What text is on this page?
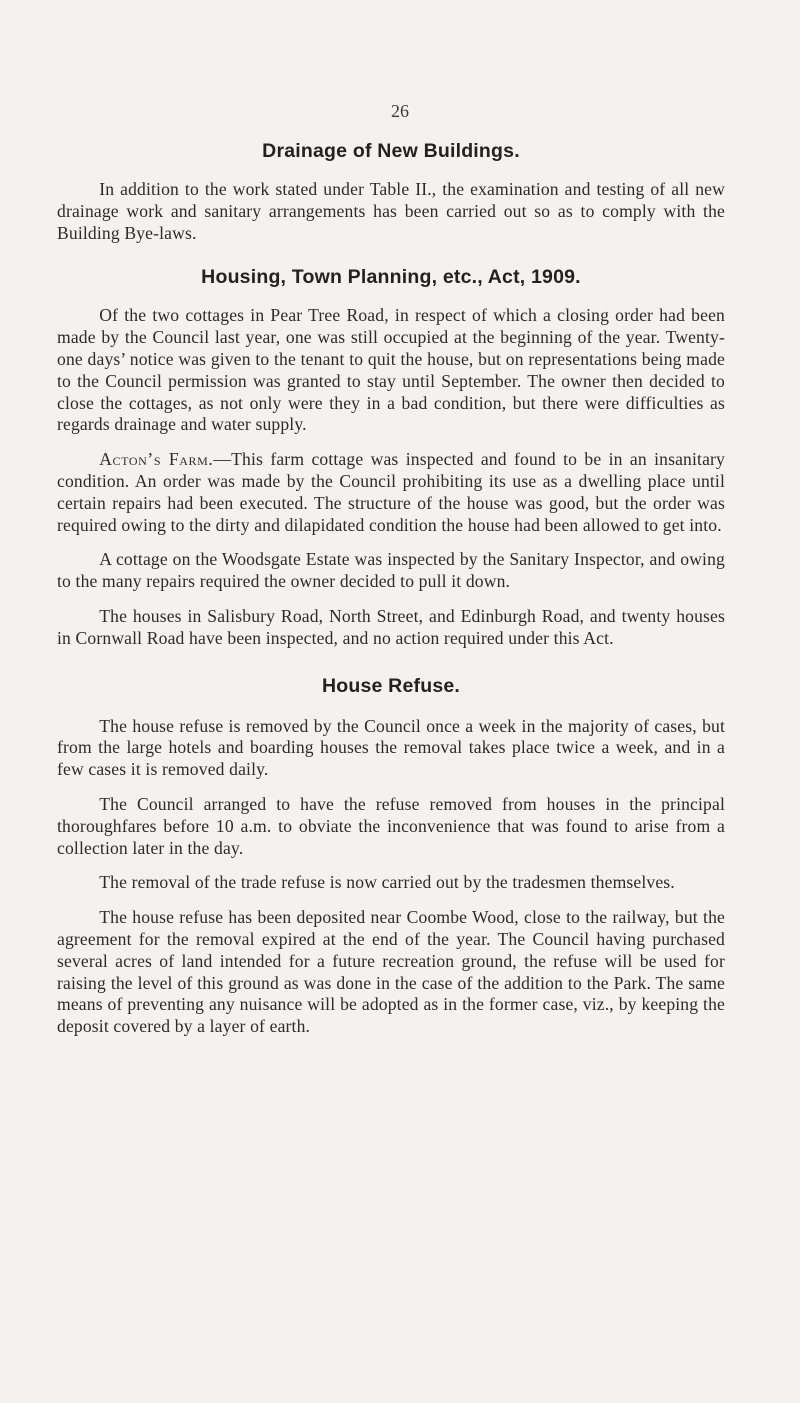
26
Drainage of New Buildings.

In addition to the work stated under Table II., the examination and testing of all new drainage work and sanitary arrangements has been carried out so as to comply with the Building Bye-laws.

Housing, Town Planning, etc., Act, 1909.

Of the two cottages in Pear Tree Road, in respect of which a closing order had been made by the Council last year, one was still occupied at the beginning of the year. Twenty-one days’ notice was given to the tenant to quit the house, but on representations being made to the Council permission was granted to stay until September. The owner then decided to close the cottages, as not only were they in a bad condition, but there were difficulties as regards drainage and water supply.

Acton’s Farm.—This farm cottage was inspected and found to be in an insanitary condition. An order was made by the Council prohibiting its use as a dwelling place until certain repairs had been executed. The structure of the house was good, but the order was required owing to the dirty and dilapidated condition the house had been allowed to get into.

A cottage on the Woodsgate Estate was inspected by the Sanitary Inspector, and owing to the many repairs required the owner decided to pull it down.

The houses in Salisbury Road, North Street, and Edinburgh Road, and twenty houses in Cornwall Road have been inspected, and no action required under this Act.

House Refuse.

The house refuse is removed by the Council once a week in the majority of cases, but from the large hotels and boarding houses the removal takes place twice a week, and in a few cases it is removed daily.

The Council arranged to have the refuse removed from houses in the principal thoroughfares before 10 a.m. to obviate the inconvenience that was found to arise from a collection later in the day.

The removal of the trade refuse is now carried out by the tradesmen themselves.

The house refuse has been deposited near Coombe Wood, close to the railway, but the agreement for the removal expired at the end of the year. The Council having purchased several acres of land intended for a future recreation ground, the refuse will be used for raising the level of this ground as was done in the case of the addition to the Park. The same means of preventing any nuisance will be adopted as in the former case, viz., by keeping the deposit covered by a layer of earth.
